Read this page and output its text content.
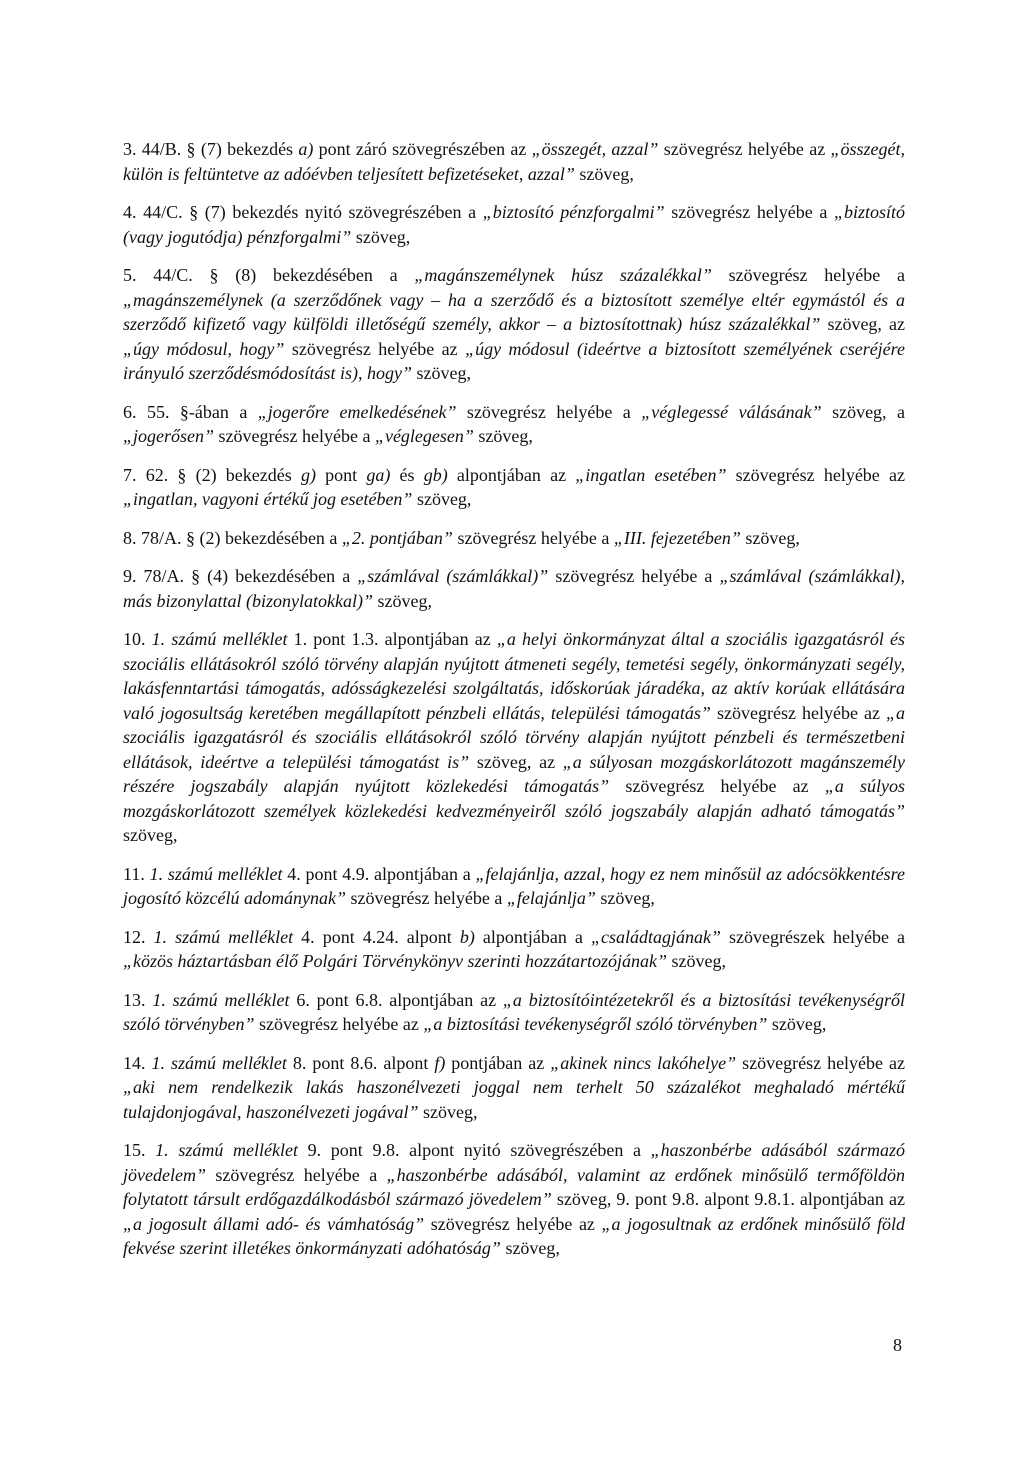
3. 44/B. § (7) bekezdés a) pont záró szövegrészében az „összegét, azzal” szövegrész helyébe az „összegét, külön is feltüntetve az adóévben teljesített befizetéseket, azzal” szöveg,

4. 44/C. § (7) bekezdés nyitó szövegrészében a „biztosító pénzforgalmi” szövegrész helyébe a „biztosító (vagy jogutódja) pénzforgalmi” szöveg,

5. 44/C. § (8) bekezdésében a „magánszemélynek húsz százalékkal” szövegrész helyébe a „magánszemélynek (a szerződőnek vagy – ha a szerződő és a biztosított személye eltér egymástól és a szerződő kifizető vagy külföldi illetőségű személy, akkor – a biztosítottnak) húsz százalékkal” szöveg, az „úgy módosul, hogy” szövegrész helyébe az „úgy módosul (ideértve a biztosított személyének cseréjére irányuló szerződésmódosítást is), hogy” szöveg,

6. 55. §-ában a „jogerőre emelkedésének” szövegrész helyébe a „véglegessé válásának” szöveg, a „jogerősen” szövegrész helyébe a „véglegesen” szöveg,

7. 62. § (2) bekezdés g) pont ga) és gb) alpontjában az „ingatlan esetében” szövegrész helyébe az „ingatlan, vagyoni értékű jog esetében” szöveg,

8. 78/A. § (2) bekezdésében a „2. pontjában” szövegrész helyébe a „III. fejezetében” szöveg,

9. 78/A. § (4) bekezdésében a „számlával (számlákkal)” szövegrész helyébe a „számlával (számlákkal), más bizonylattal (bizonylatokkal)” szöveg,

10. 1. számú melléklet 1. pont 1.3. alpontjában az „a helyi önkormányzat által a szociális igazgatásról és szociális ellátásokról szóló törvény alapján nyújtott átmeneti segély, temetési segély, önkormányzati segély, lakásfenntartási támogatás, adósságkezelési szolgáltatás, időskorúak járadéka, az aktív korúak ellátására való jogosultság keretében megállapított pénzbeli ellátás, települési támogatás” szövegrész helyébe az „a szociális igazgatásról és szociális ellátásokról szóló törvény alapján nyújtott pénzbeli és természetbeni ellátások, ideértve a települési támogatást is” szöveg, az „a súlyosan mozgáskorlátozott magánszemély részére jogszabály alapján nyújtott közlekedési támogatás” szövegrész helyébe az „a súlyos mozgáskorlátozott személyek közlekedési kedvezményeiről szóló jogszabály alapján adható támogatás” szöveg,

11. 1. számú melléklet 4. pont 4.9. alpontjában a „felajánlja, azzal, hogy ez nem minősül az adócsökkentésre jogosító közcélú adománynak” szövegrész helyébe a „felajánlja” szöveg,

12. 1. számú melléklet 4. pont 4.24. alpont b) alpontjában a „családtagjának” szövegrészek helyébe a „közös háztartásban élő Polgári Törvénykönyv szerinti hozzátartozójának” szöveg,

13. 1. számú melléklet 6. pont 6.8. alpontjában az „a biztosítóintézetekről és a biztosítási tevékenységről szóló törvényben” szövegrész helyébe az „a biztosítási tevékenységről szóló törvényben” szöveg,

14. 1. számú melléklet 8. pont 8.6. alpont f) pontjában az „akinek nincs lakóhelye” szövegrész helyébe az „aki nem rendelkezik lakás haszonélvezeti joggal nem terhelt 50 százalékot meghaladó mértékű tulajdonjogával, haszonélvezeti jogával” szöveg,

15. 1. számú melléklet 9. pont 9.8. alpont nyitó szövegrészében a „haszonbérbe adásából származó jövedelem” szövegrész helyébe a „haszonbérbe adásából, valamint az erdőnek minősülő termőföldön folytatott társult erdőgazdálkodásból származó jövedelem” szöveg, 9. pont 9.8. alpont 9.8.1. alpontjában az „a jogosult állami adó- és vámhatóság” szövegrész helyébe az „a jogosultnak az erdőnek minősülő föld fekvése szerint illetékes önkormányzati adóhatóság” szöveg,

8
